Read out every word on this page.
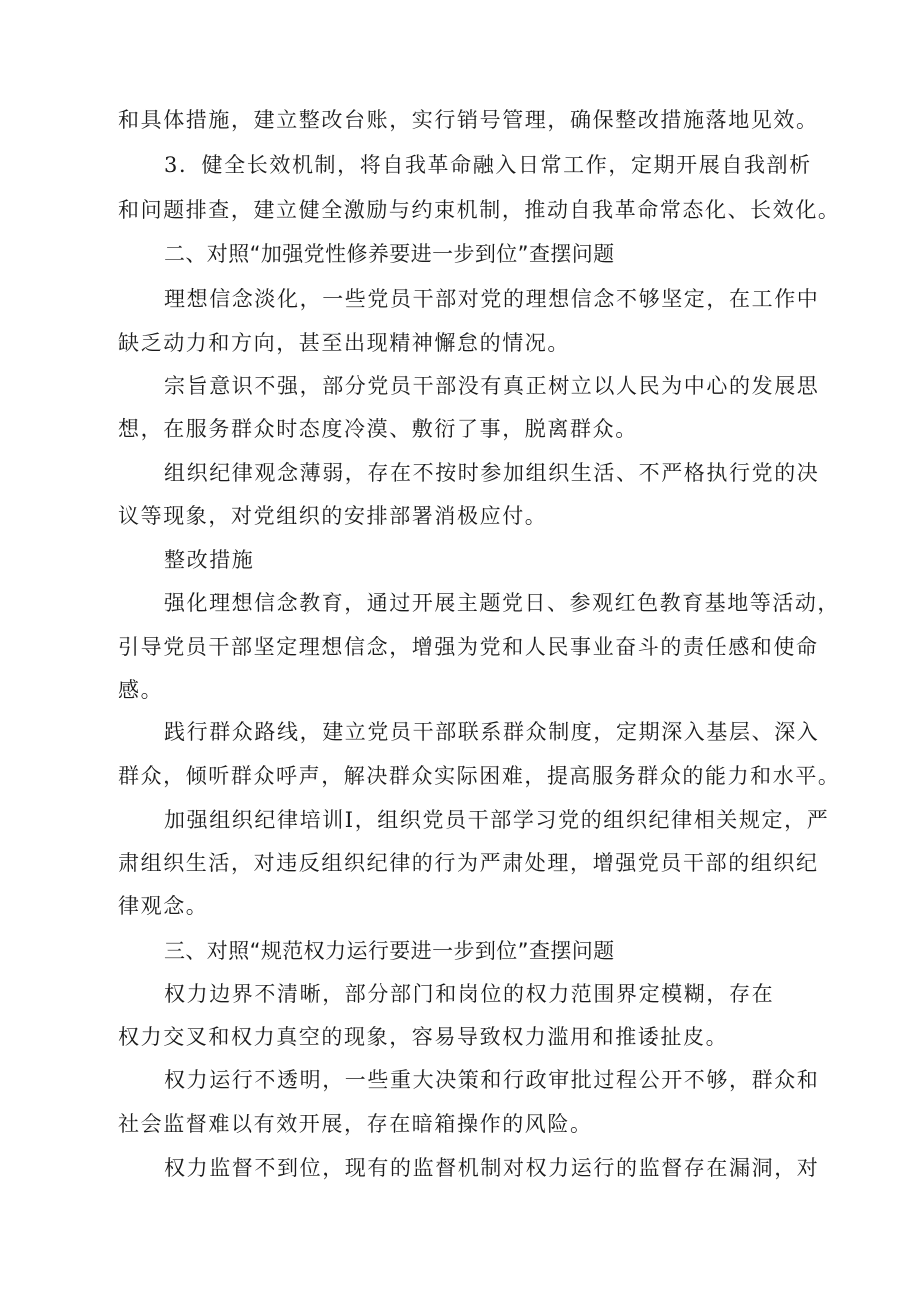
和具体措施，建立整改台账，实行销号管理，确保整改措施落地见效。
3．健全长效机制，将自我革命融入日常工作，定期开展自我剖析
和问题排查，建立健全激励与约束机制，推动自我革命常态化、长效化。
二、对照“加强党性修养要进一步到位”查摆问题
理想信念淡化，一些党员干部对党的理想信念不够坚定，在工作中
缺乏动力和方向，甚至出现精神懈怠的情况。
宗旨意识不强，部分党员干部没有真正树立以人民为中心的发展思
想，在服务群众时态度冷漠、敷衍了事，脱离群众。
组织纪律观念薄弱，存在不按时参加组织生活、不严格执行党的决
议等现象，对党组织的安排部署消极应付。
整改措施
强化理想信念教育，通过开展主题党日、参观红色教育基地等活动，
引导党员干部坚定理想信念，增强为党和人民事业奋斗的责任感和使命
感。
践行群众路线，建立党员干部联系群众制度，定期深入基层、深入
群众，倾听群众呼声，解决群众实际困难，提高服务群众的能力和水平。
加强组织纪律培训I，组织党员干部学习党的组织纪律相关规定，严
肃组织生活，对违反组织纪律的行为严肃处理，增强党员干部的组织纪
律观念。
三、对照“规范权力运行要进一步到位”查摆问题
权力边界不清晰，部分部门和岗位的权力范围界定模糊，存在
权力交叉和权力真空的现象，容易导致权力滥用和推诿扯皮。
权力运行不透明，一些重大决策和行政审批过程公开不够，群众和
社会监督难以有效开展，存在暗箱操作的风险。
权力监督不到位，现有的监督机制对权力运行的监督存在漏洞，对
